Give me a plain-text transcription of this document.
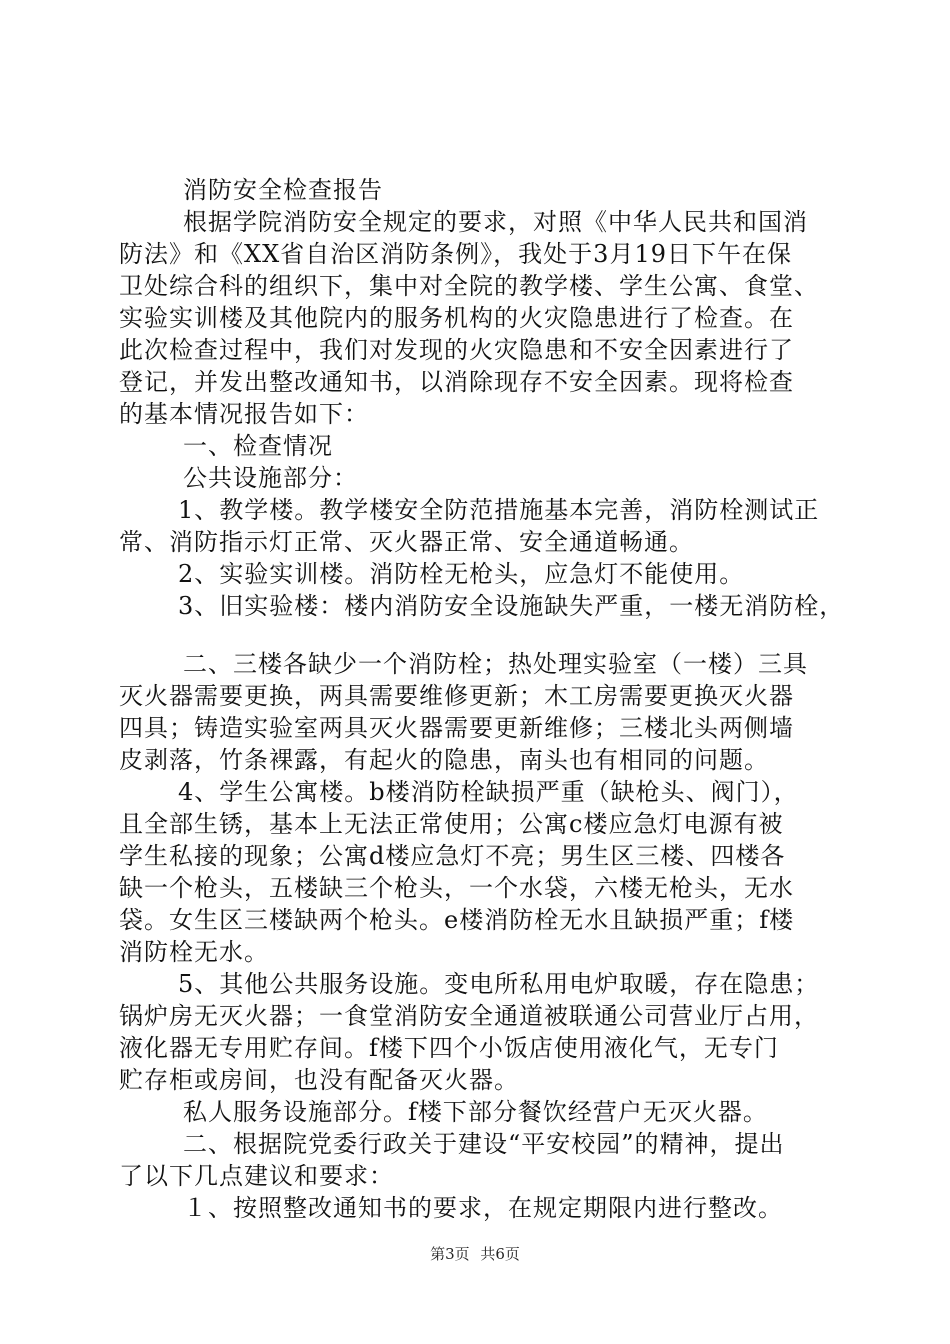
消防安全检查报告
根据学院消防安全规定的要求，对照《中华人民共和国消
防法》和《XX省自治区消防条例》，我处于3月19日下午在保
卫处综合科的组织下，集中对全院的教学楼、学生公寓、食堂、
实验实训楼及其他院内的服务机构的火灾隐患进行了检查。在
此次检查过程中，我们对发现的火灾隐患和不安全因素进行了
登记，并发出整改通知书，以消除现存不安全因素。现将检查
的基本情况报告如下：
一、检查情况
公共设施部分：
1、教学楼。教学楼安全防范措施基本完善，消防栓测试正
常、消防指示灯正常、灭火器正常、安全通道畅通。
2、实验实训楼。消防栓无枪头，应急灯不能使用。
3、旧实验楼：楼内消防安全设施缺失严重，一楼无消防栓，
二、三楼各缺少一个消防栓；热处理实验室（一楼）三具
灭火器需要更换，两具需要维修更新；木工房需要更换灭火器
四具；铸造实验室两具灭火器需要更新维修；三楼北头两侧墙
皮剥落，竹条裸露，有起火的隐患，南头也有相同的问题。
4、学生公寓楼。b楼消防栓缺损严重（缺枪头、阀门），
且全部生锈，基本上无法正常使用；公寓c楼应急灯电源有被
学生私接的现象；公寓d楼应急灯不亮；男生区三楼、四楼各
缺一个枪头，五楼缺三个枪头，一个水袋，六楼无枪头，无水
袋。女生区三楼缺两个枪头。e楼消防栓无水且缺损严重；f楼
消防栓无水。
5、其他公共服务设施。变电所私用电炉取暖，存在隐患；
锅炉房无灭火器；一食堂消防安全通道被联通公司营业厅占用，
液化器无专用贮存间。f楼下四个小饭店使用液化气，无专门
贮存柜或房间，也没有配备灭火器。
私人服务设施部分。f楼下部分餐饮经营户无灭火器。
二、根据院党委行政关于建设“平安校园”的精神，提出
了以下几点建议和要求：
１、按照整改通知书的要求，在规定期限内进行整改。
第3页 共6页
